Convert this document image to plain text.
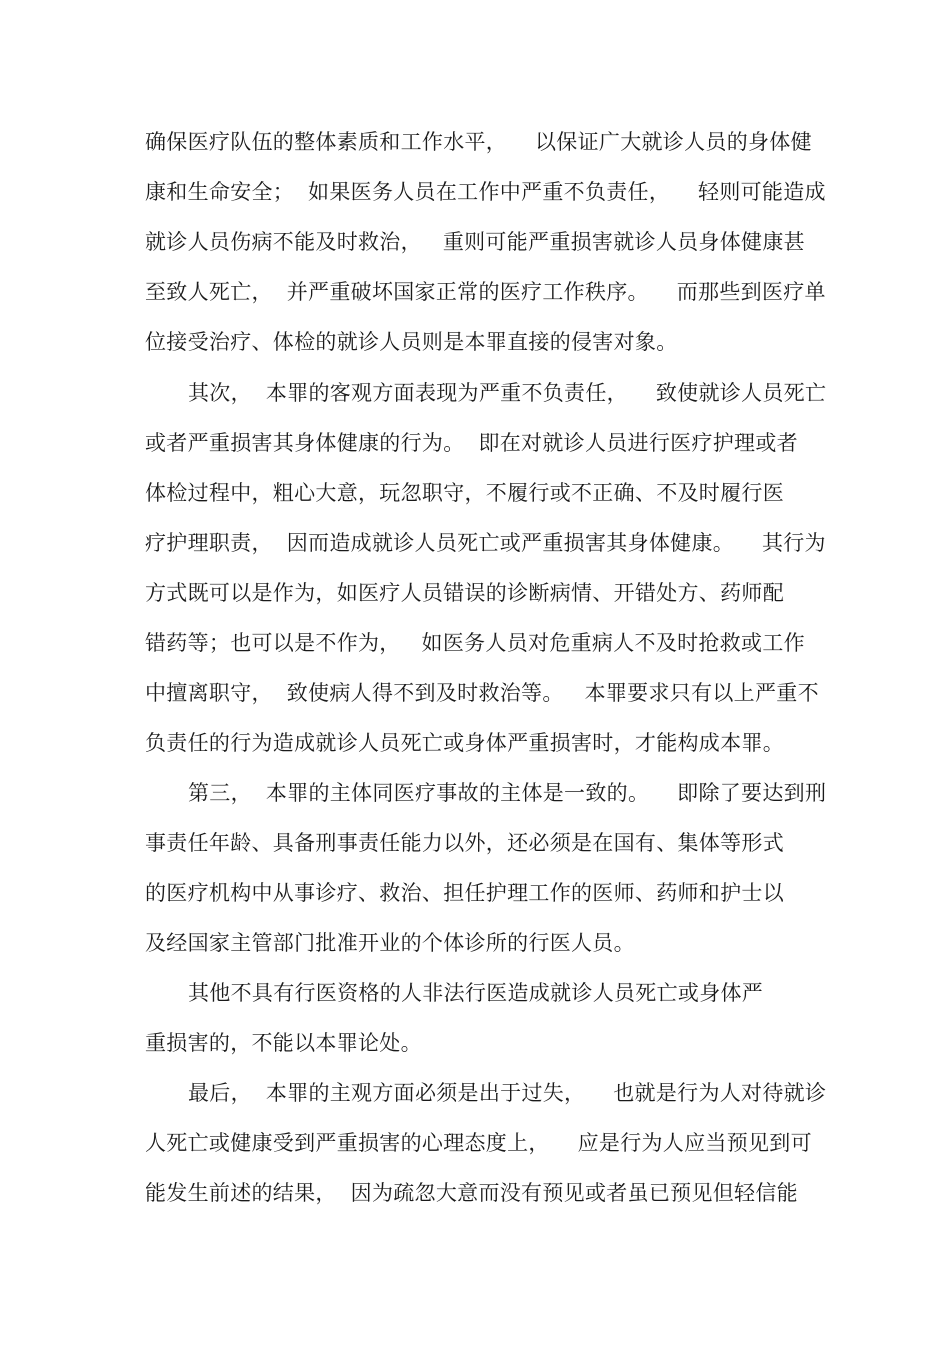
确保医疗队伍的整体素质和工作水平，    以保证广大就诊人员的身体健
康和生命安全；  如果医务人员在工作中严重不负责任，    轻则可能造成
就诊人员伤病不能及时救治，   重则可能严重损害就诊人员身体健康甚
至致人死亡，  并严重破坏国家正常的医疗工作秩序。    而那些到医疗单
位接受治疗、体检的就诊人员则是本罪直接的侵害对象。
其次，  本罪的客观方面表现为严重不负责任，    致使就诊人员死亡
或者严重损害其身体健康的行为。  即在对就诊人员进行医疗护理或者
体检过程中，粗心大意，玩忽职守，不履行或不正确、不及时履行医
疗护理职责，  因而造成就诊人员死亡或严重损害其身体健康。    其行为
方式既可以是作为，如医疗人员错误的诊断病情、开错处方、药师配
错药等；也可以是不作为，   如医务人员对危重病人不及时抢救或工作
中擅离职守，  致使病人得不到及时救治等。   本罪要求只有以上严重不
负责任的行为造成就诊人员死亡或身体严重损害时，才能构成本罪。
第三，  本罪的主体同医疗事故的主体是一致的。    即除了要达到刑
事责任年龄、具备刑事责任能力以外，还必须是在国有、集体等形式
的医疗机构中从事诊疗、救治、担任护理工作的医师、药师和护士以
及经国家主管部门批准开业的个体诊所的行医人员。
其他不具有行医资格的人非法行医造成就诊人员死亡或身体严
重损害的，不能以本罪论处。
最后，  本罪的主观方面必须是出于过失，    也就是行为人对待就诊
人死亡或健康受到严重损害的心理态度上，    应是行为人应当预见到可
能发生前述的结果，  因为疏忽大意而没有预见或者虽已预见但轻信能
